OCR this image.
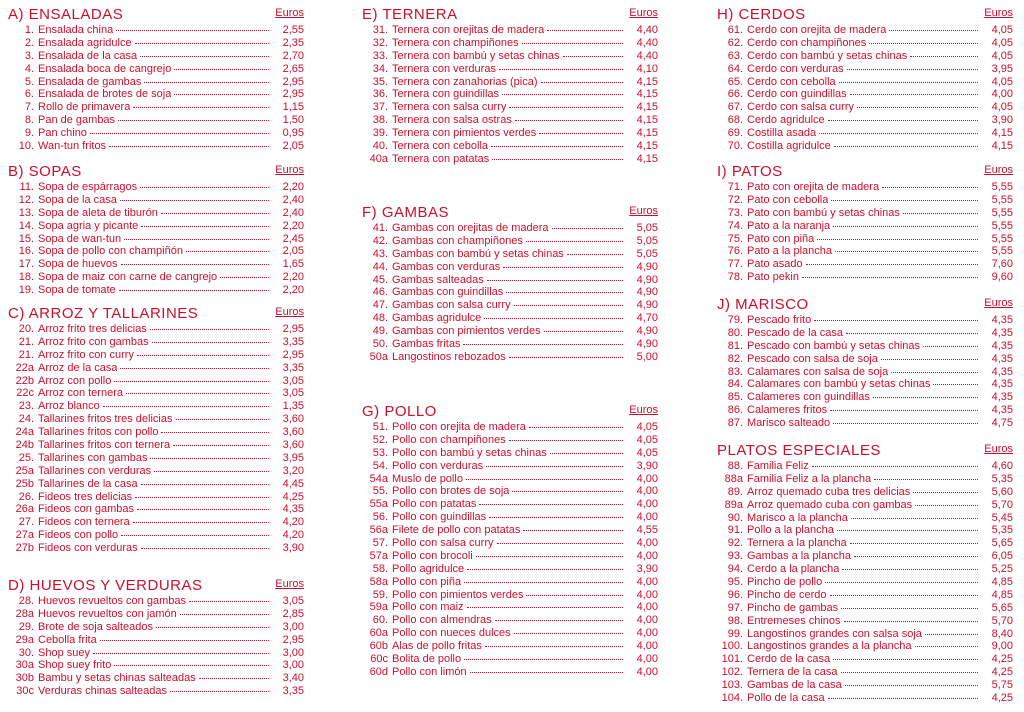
A) ENSALADAS	Euros
1. Ensalada china	2,55
2. Ensalada agridulce	2,35
3. Ensalada de la casa	2,70
4. Ensalada boca de cangrejo	2,65
5. Ensalada de gambas	2,95
6. Ensalada de brotes de soja	2,95
7. Rollo de primavera	1,15
8. Pan de gambas	1,50
9. Pan chino	0,95
10. Wan-tun fritos	2,05
B) SOPAS	Euros
11. Sopa de espárragos	2,20
12. Sopa de la casa	2,40
13. Sopa de aleta de tiburón	2,40
14. Sopa agria y picante	2,20
15. Sopa de wan-tun	2,45
16. Sopa de pollo con champiñón	2,05
17. Sopa de huevos	1,65
18. Sopa de maiz con carne de cangrejo	2,20
19. Sopa de tomate	2,20
C) ARROZ Y TALLARINES	Euros
20. Arroz frito tres delicias	2,95
21. Arroz frito con gambas	3,35
21. Arroz frito con curry	2,95
22a Arroz de la casa	3,35
22b Arroz con pollo	3,05
22c Arroz con ternera	3,05
23. Arroz blanco	1,35
24. Tallarines fritos tres delicias	3,60
24a Tallarines fritos con pollo	3,60
24b Tallarines fritos con ternera	3,60
25. Tallarines con gambas	3,95
25a Tallarines con verduras	3,20
25b Tallarines de la casa	4,45
26. Fideos tres delicias	4,25
26a Fideos con gambas	4,35
27. Fideos con ternera	4,20
27a Fideos con pollo	4,20
27b Fideos con verduras	3,90
D) HUEVOS Y VERDURAS	Euros
28. Huevos revueltos con gambas	3,05
28a Huevos revueltos con jamón	2,85
29. Brote de soja salteados	3,00
29a Cebolla frita	2,95
30. Shop suey	3,00
30a Shop suey frito	3,00
30b Bambu y setas chinas salteadas	3,40
30c Verduras chinas salteadas	3,35
E) TERNERA	Euros
31. Ternera con orejitas de madera	4,40
32. Ternera con champiñones	4,40
33. Ternera con bambú y setas chinas	4,40
34. Ternera con verduras	4,10
35. Ternera con zanahorias (pica)	4,15
36. Ternera con guindillas	4,15
37. Ternera con salsa curry	4,15
38. Ternera con salsa ostras	4,15
39. Ternera con pimientos verdes	4,15
40. Ternera con cebolla	4,15
40a Ternera con patatas	4,15
F) GAMBAS	Euros
41. Gambas con orejitas de madera	5,05
42. Gambas con champiñones	5,05
43. Gambas con bambú y setas chinas	5,05
44. Gambas con verduras	4,90
45. Gambas salteadas	4,90
46. Gambas con guindillas	4,90
47. Gambas con salsa curry	4,90
48. Gambas agridulce	4,70
49. Gambas con pimientos verdes	4,90
50. Gambas fritas	4,90
50a Langostinos rebozados	5,00
G) POLLO	Euros
51. Pollo con orejita de madera	4,05
52. Pollo con champiñones	4,05
53. Pollo con bambú y setas chinas	4,05
54. Pollo con verduras	3,90
54a Muslo de pollo	4,00
55. Pollo con brotes de soja	4,00
55a Pollo con patatas	4,00
56. Pollo con guindillas	4,00
56a Filete de pollo con patatas	4,55
57. Pollo con salsa curry	4,00
57a Pollo con brocoli	4,00
58. Pollo agridulce	3,90
58a Pollo con piña	4,00
59. Pollo con pimientos verdes	4,00
59a Pollo con maiz	4,00
60. Pollo con almendras	4,00
60a Pollo con nueces dulces	4,00
60b Alas de pollo fritas	4,00
60c Bolita de pollo	4,00
60d Pollo con limón	4,00
H) CERDOS	Euros
61. Cerdo con orejita de madera	4,05
62. Cerdo con champiñones	4,05
63. Cerdo con bambú y setas chinas	4,05
64. Cerdo con verduras	3,95
65. Cerdo con cebolla	4,05
66. Cerdo con guindillas	4,00
67. Cerdo con salsa curry	4,05
68. Cerdo agridulce	3,90
69. Costilla asada	4,15
70. Costilla agridulce	4,15
I) PATOS	Euros
71. Pato con orejita de madera	5,55
72. Pato con cebolla	5,55
73. Pato con bambú y setas chinas	5,55
74. Pato a la naranja	5,55
75. Pato con piña	5,55
76. Pato a la plancha	5,55
77. Pato asado	7,60
78. Pato pekin	9,60
J) MARISCO	Euros
79. Pescado frito	4,35
80. Pescado de la casa	4,35
81. Pescado con bambú y setas chinas	4,35
82. Pescado con salsa de soja	4,35
83. Calamares con salsa de soja	4,35
84. Calamares con bambú y setas chinas	4,35
85. Calameres con guindillas	4,35
86. Calameres fritos	4,35
87. Marisco salteado	4,75
PLATOS ESPECIALES	Euros
88. Familia Feliz	4,60
88a Familia Feliz a la plancha	5,35
89. Arroz quemado cuba tres delicias	5,60
89a Arroz quemado cuba con gambas	5,70
90. Marisco a la plancha	5,45
91. Pollo a la plancha	5,35
92. Ternera a la plancha	5,65
93. Gambas a la plancha	6,05
94. Cerdo a la plancha	5,25
95. Pincho de pollo	4,85
96. Pincho de cerdo	4,85
97. Pincho de gambas	5,65
98. Entremeses chinos	5,70
99. Langostinos grandes con salsa soja	8,40
100. Langostinos grandes a la plancha	9,00
101. Cerdo de la casa	4,25
102. Ternera de la casa	4,25
103. Gambas de la casa	5,75
104. Pollo de la casa	4,25
